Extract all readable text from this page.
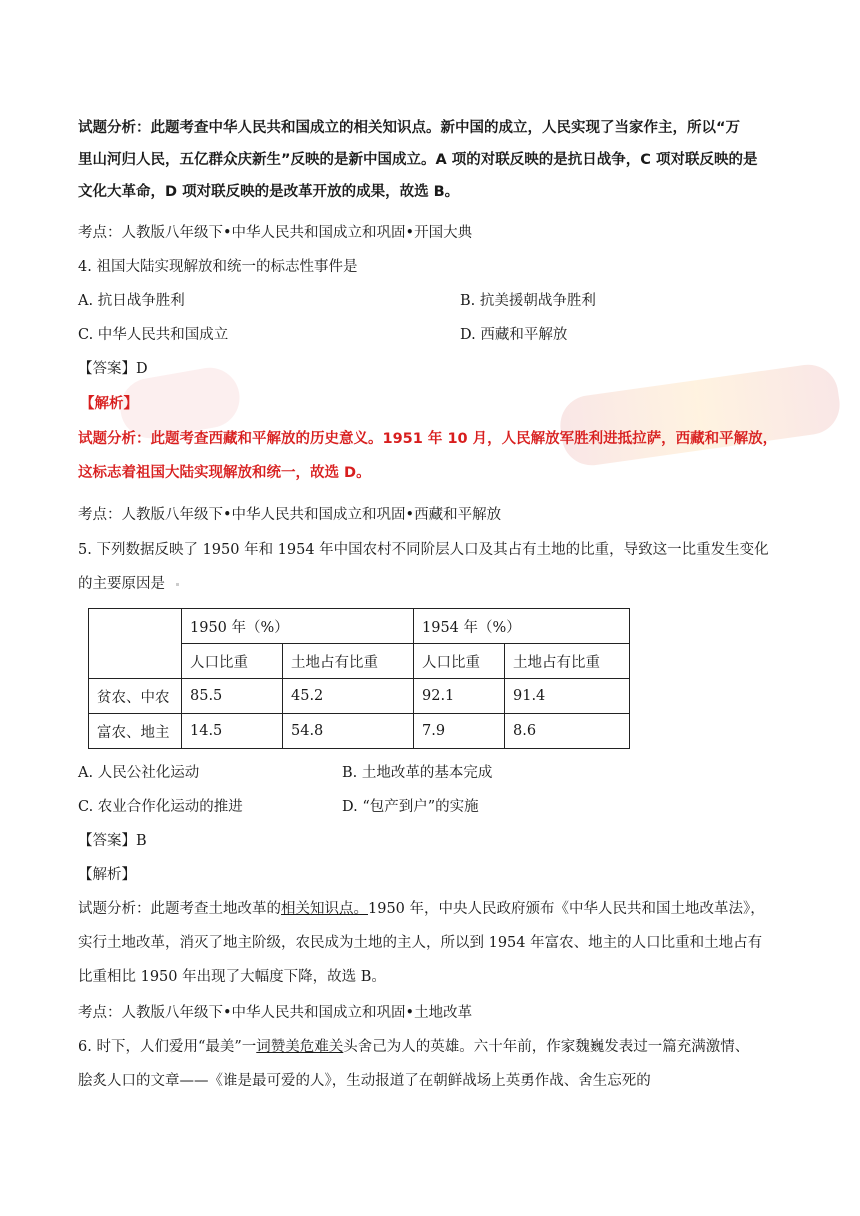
试题分析：此题考查中华人民共和国成立的相关知识点。新中国的成立，人民实现了当家作主，所以“万
里山河归人民，五亿群众庆新生”反映的是新中国成立。A 项的对联反映的是抗日战争，C 项对联反映的是
文化大革命，D 项对联反映的是改革开放的成果，故选 B。
考点：人教版八年级下•中华人民共和国成立和巩固•开国大典
4. 祖国大陆实现解放和统一的标志性事件是
A. 抗日战争胜利	B. 抗美援朝战争胜利
C. 中华人民共和国成立	D. 西藏和平解放
【答案】D
【解析】
试题分析：此题考查西藏和平解放的历史意义。1951 年 10 月，人民解放军胜利进抵拉萨，西藏和平解放，
这标志着祖国大陆实现解放和统一，故选 D。
考点：人教版八年级下•中华人民共和国成立和巩固•西藏和平解放
5. 下列数据反映了 1950 年和 1954 年中国农村不同阶层人口及其占有土地的比重，导致这一比重发生变化
的主要原因是
	1950 年（%）		1954 年（%）	
	人口比重	土地占有比重	人口比重	土地占有比重
贫农、中农	85.5	45.2	92.1	91.4
富农、地主	14.5	54.8	7.9	8.6
A. 人民公社化运动	B. 土地改革的基本完成
C. 农业合作化运动的推进	D. “包产到户”的实施
【答案】B
【解析】
试题分析：此题考查土地改革的相关知识点。1950 年，中央人民政府颁布《中华人民共和国土地改革法》，
实行土地改革，消灭了地主阶级，农民成为土地的主人，所以到 1954 年富农、地主的人口比重和土地占有
比重相比 1950 年出现了大幅度下降，故选 B。
考点：人教版八年级下•中华人民共和国成立和巩固•土地改革
6. 时下，人们爱用“最美”一词赞美危难关头舍己为人的英雄。六十年前，作家魏巍发表过一篇充满激情、
脍炙人口的文章——《谁是最可爱的人》，生动报道了在朝鲜战场上英勇作战、舍生忘死的
